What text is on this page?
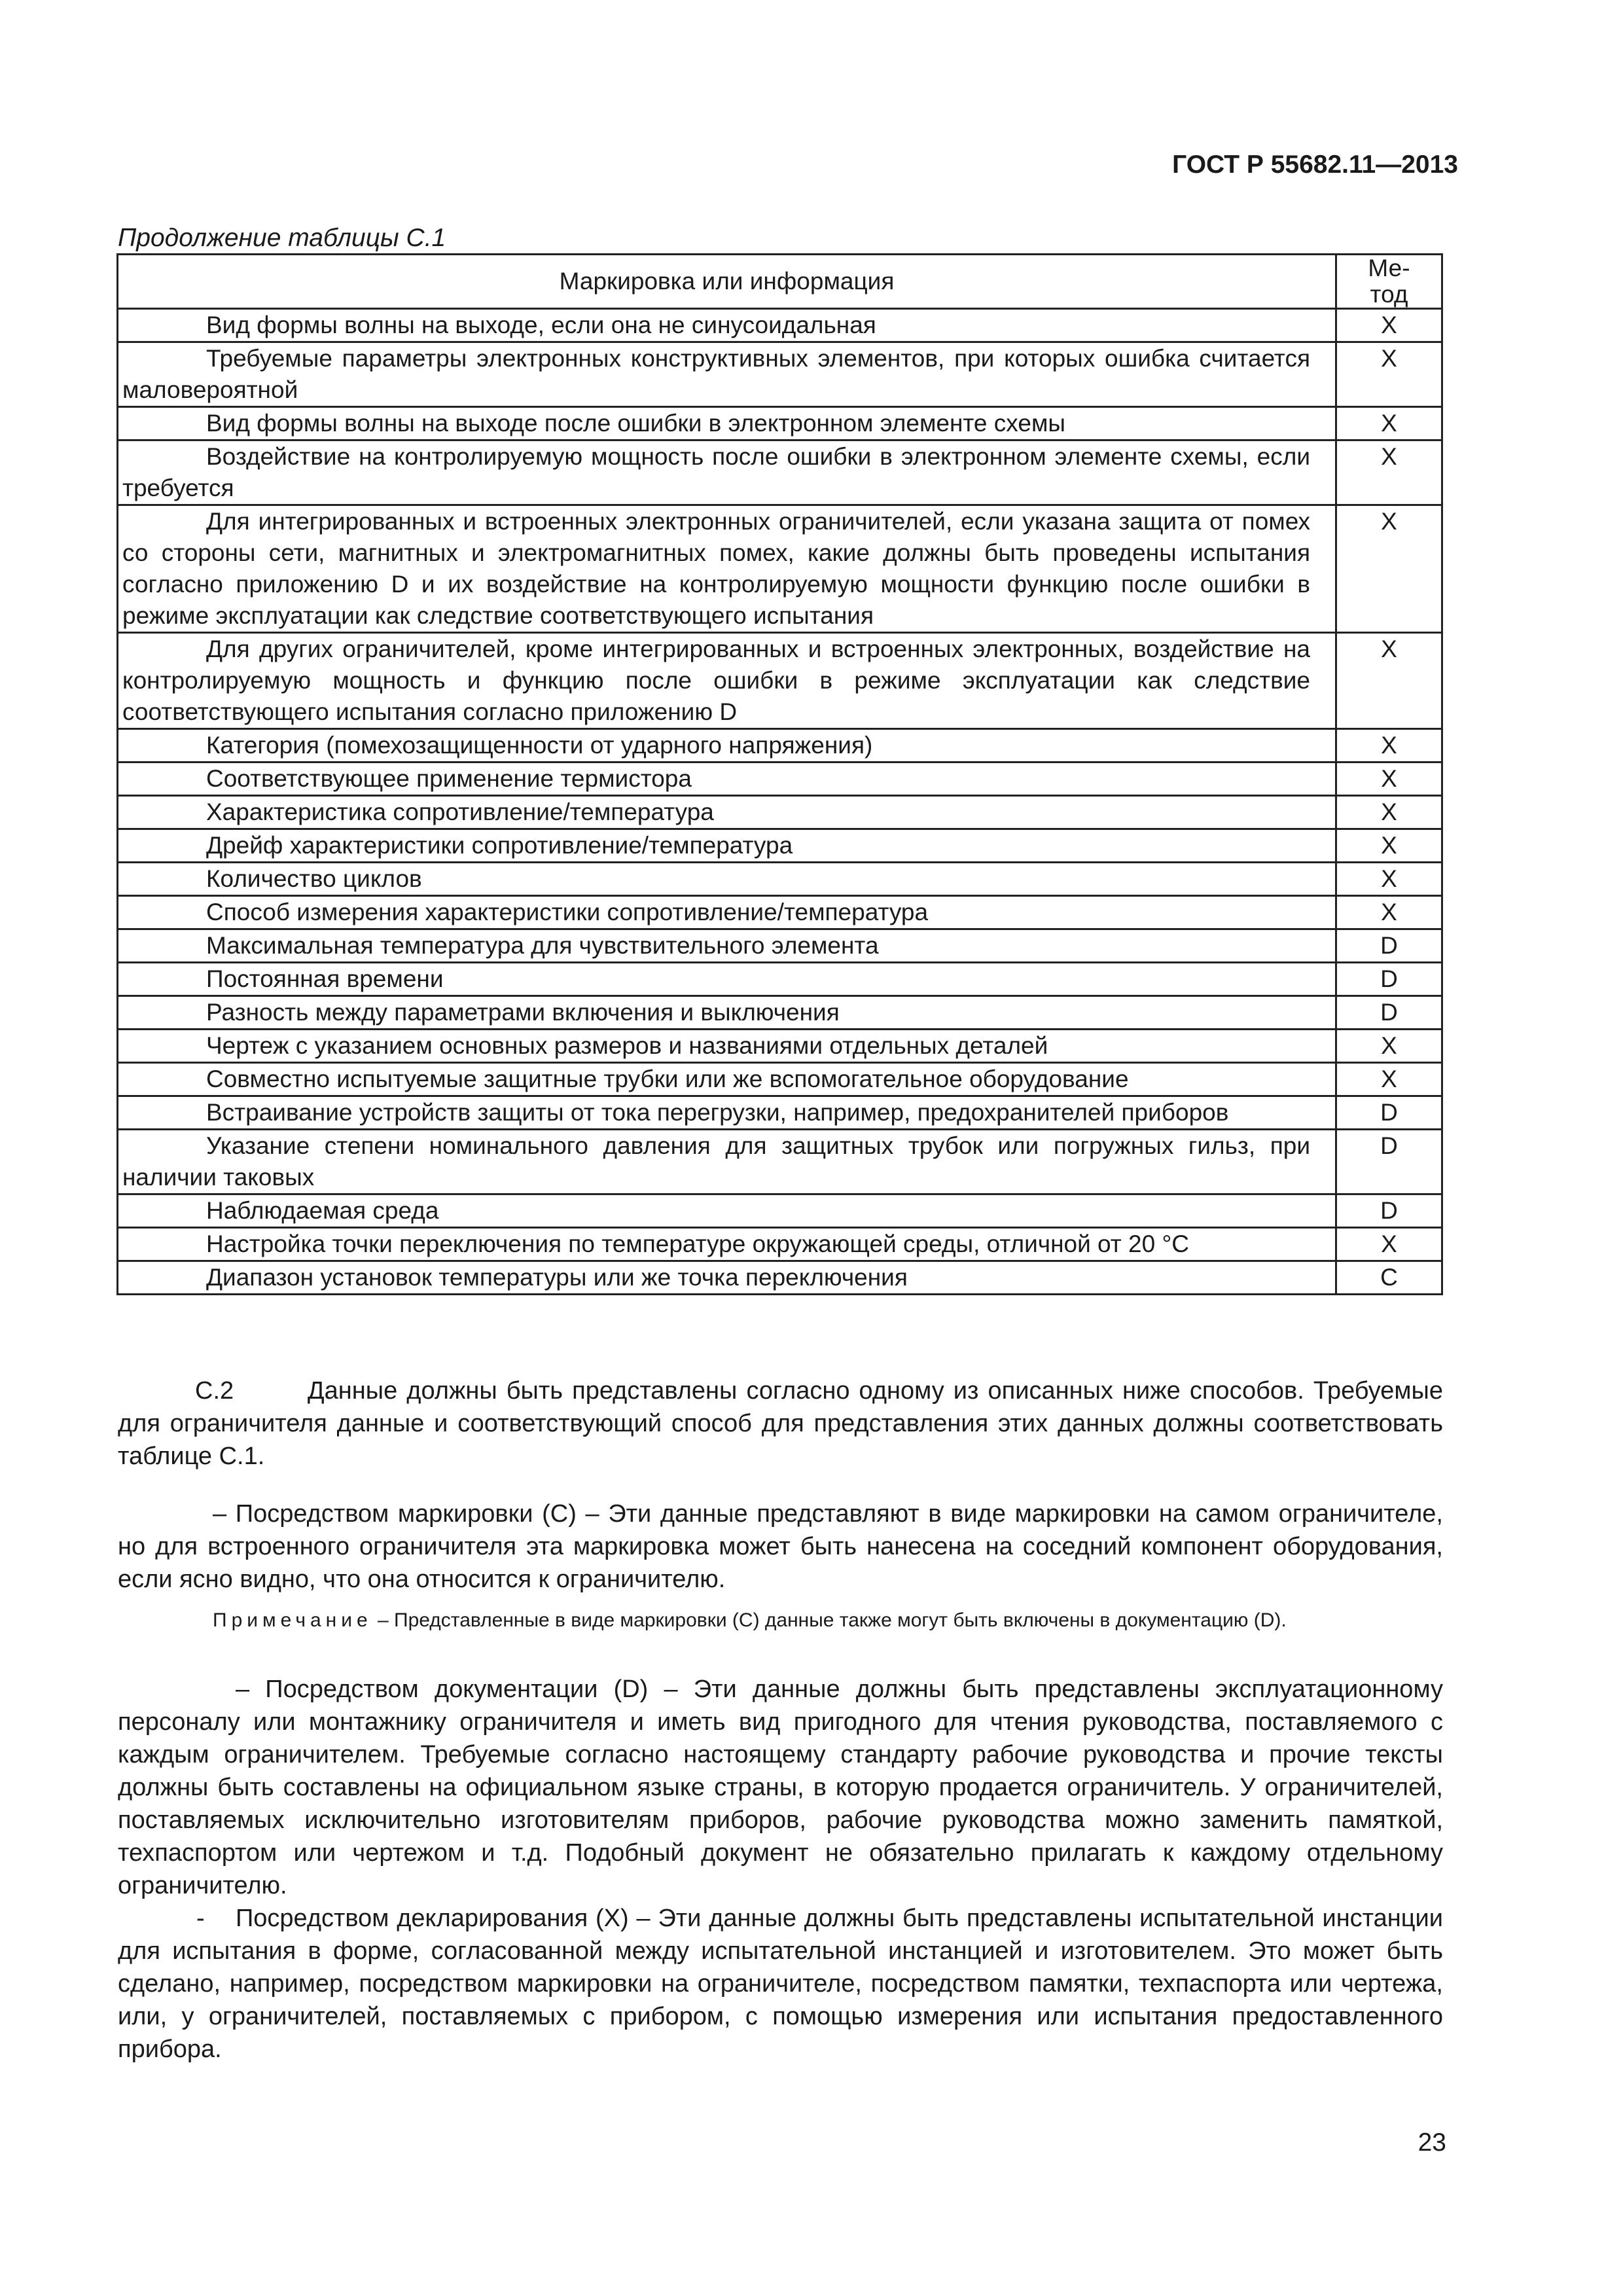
ГОСТ Р 55682.11—2013
Продолжение таблицы С.1
Маркировка или информация	Ме-
тод
Вид формы волны на выходе, если она не синусоидальная	X
Требуемые параметры электронных конструктивных элементов, при которых ошибка считается маловероятной	X
Вид формы волны на выходе после ошибки в электронном элементе схемы	X
Воздействие на контролируемую мощность после ошибки в электронном элементе схемы, если требуется	X
Для интегрированных и встроенных электронных ограничителей, если указана защита от помех со стороны сети, магнитных и электромагнитных помех, какие должны быть проведены испытания согласно приложению D и их воздействие на контролируемую мощности функцию после ошибки в режиме эксплуатации как следствие соответствующего испытания	X
Для других ограничителей, кроме интегрированных и встроенных электронных, воздействие на контролируемую мощность и функцию после ошибки в режиме эксплуатации как следствие соответствующего испытания согласно приложению D	X
Категория (помехозащищенности от ударного напряжения)	X
Соответствующее применение термистора	X
Характеристика сопротивление/температура	X
Дрейф характеристики сопротивление/температура	X
Количество циклов	X
Способ измерения характеристики сопротивление/температура	X
Максимальная температура для чувствительного элемента	D
Постоянная времени	D
Разность между параметрами включения и выключения	D
Чертеж с указанием основных размеров и названиями отдельных деталей	X
Совместно испытуемые защитные трубки или же вспомогательное оборудование	X
Встраивание устройств защиты от тока перегрузки, например, предохранителей приборов	D
Указание степени номинального давления для защитных трубок или погружных гильз, при наличии таковых	D
Наблюдаемая среда	D
Настройка точки переключения по температуре окружающей среды, отличной от 20 °С	X
Диапазон установок температуры или же точка переключения	C
С.2        Данные должны быть представлены согласно одному из описанных ниже способов. Требуемые для ограничителя данные и соответствующий способ для представления этих данных должны соответствовать таблице С.1.
– Посредством маркировки (С) – Эти данные представляют в виде маркировки на самом ограничителе, но для встроенного ограничителя эта маркировка может быть нанесена на соседний компонент оборудования, если ясно видно, что она относится к ограничителю.
Примечание – Представленные в виде маркировки (С) данные также могут быть включены в документацию (D).
– Посредством документации (D) – Эти данные должны быть представлены эксплуатационному персоналу или монтажнику ограничителя и иметь вид пригодного для чтения руководства, поставляемого с каждым ограничителем. Требуемые согласно настоящему стандарту рабочие руководства и прочие тексты должны быть составлены на официальном языке страны, в которую продается ограничитель. У ограничителей, поставляемых исключительно изготовителям приборов, рабочие руководства можно заменить памяткой, техпаспортом или чертежом и т.д. Подобный документ не обязательно прилагать к каждому отдельному ограничителю.
-    Посредством декларирования (X) – Эти данные должны быть представлены испытательной инстанции для испытания в форме, согласованной между испытательной инстанцией и изготовителем. Это может быть сделано, например, посредством маркировки на ограничителе, посредством памятки, техпаспорта или чертежа, или, у ограничителей, поставляемых с прибором, с помощью измерения или испытания предоставленного прибора.
23
